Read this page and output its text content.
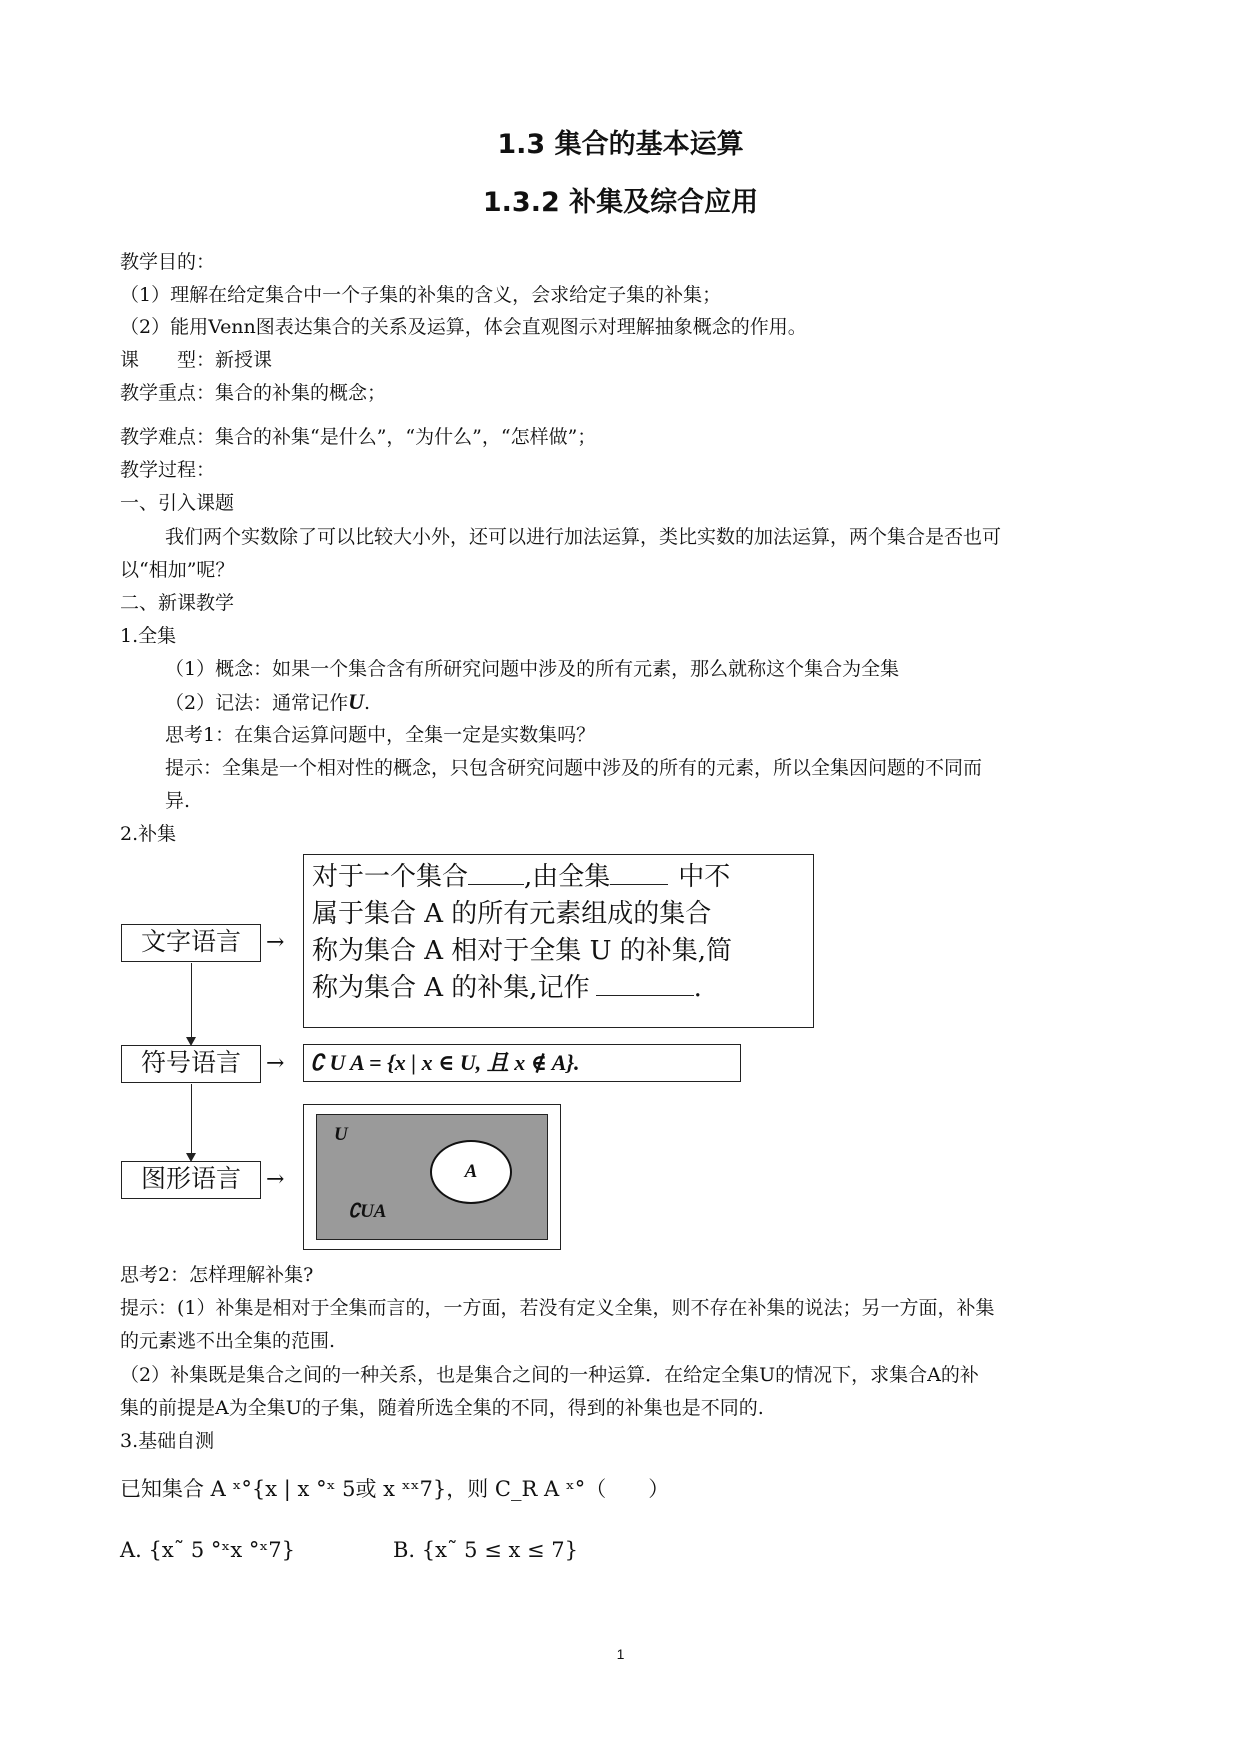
1.3 集合的基本运算
1.3.2 补集及综合应用
教学目的：
（1）理解在给定集合中一个子集的补集的含义，会求给定子集的补集；
（2）能用Venn图表达集合的关系及运算，体会直观图示对理解抽象概念的作用。
课　　型：新授课
教学重点：集合的补集的概念；
教学难点：集合的补集“是什么”，“为什么”，“怎样做”；
教学过程：
一、引入课题
我们两个实数除了可以比较大小外，还可以进行加法运算，类比实数的加法运算，两个集合是否也可
以“相加”呢？
二、新课教学
1.全集
（1）概念：如果一个集合含有所研究问题中涉及的所有元素，那么就称这个集合为全集
（2）记法：通常记作U.
思考1：在集合运算问题中，全集一定是实数集吗？
提示：全集是一个相对性的概念，只包含研究问题中涉及的所有的元素，所以全集因问题的不同而
异.
2.补集
对于一个集合 ,由全集	中不
属于集合 A 的所有元素组成的集合
称为集合 A 相对于全集 U 的补集,简
称为集合 A 的补集,记作	.
文字语言	→
符号语言	→	∁ U A = {x | x ∈ U, 且 x ∉ A}.
图形语言	→
U
A
∁UA
思考2：怎样理解补集?
提示：(1）补集是相对于全集而言的，一方面，若没有定义全集，则不存在补集的说法；另一方面，补集
的元素逃不出全集的范围.
（2）补集既是集合之间的一种关系，也是集合之间的一种运算．在给定全集U的情况下，求集合A的补
集的前提是A为全集U的子集，随着所选全集的不同，得到的补集也是不同的.
3.基础自测
已知集合 A ˣ°{x | x °ˣ 5或 x ˣˣ7}，则 C_R A ˣ°（　　）
A. {x˜ 5 °ˣx °ˣ7}	B. {x˜ 5 ≤ x ≤ 7}
1
